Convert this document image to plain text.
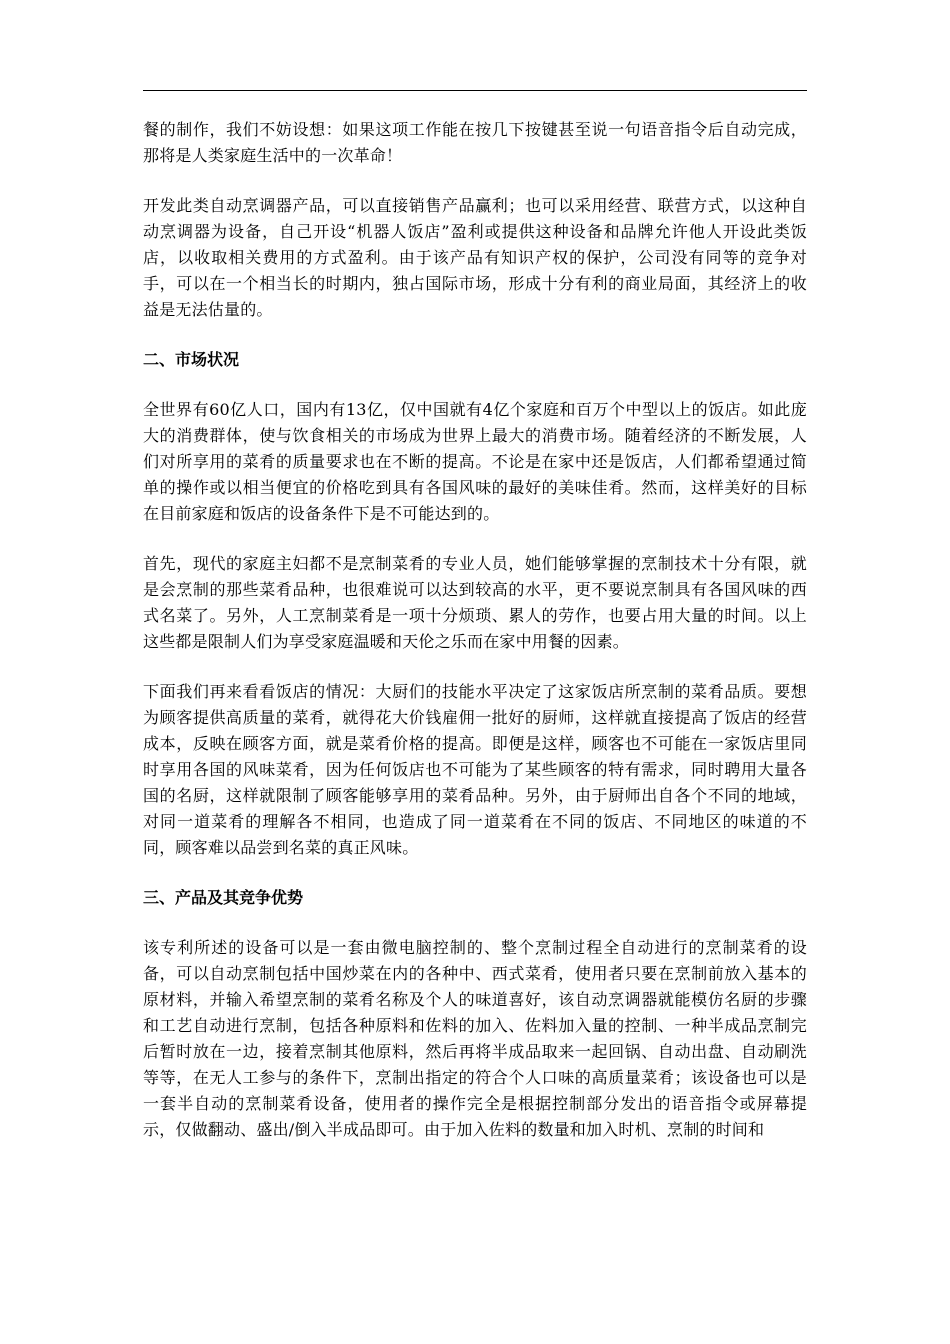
餐的制作，我们不妨设想：如果这项工作能在按几下按键甚至说一句语音指令后自动完成，那将是人类家庭生活中的一次革命！

开发此类自动烹调器产品，可以直接销售产品赢利；也可以采用经营、联营方式，以这种自动烹调器为设备，自己开设“机器人饭店”盈利或提供这种设备和品牌允许他人开设此类饭店，以收取相关费用的方式盈利。由于该产品有知识产权的保护，公司没有同等的竞争对手，可以在一个相当长的时期内，独占国际市场，形成十分有利的商业局面，其经济上的收益是无法估量的。

二、市场状况

全世界有60亿人口，国内有13亿，仅中国就有4亿个家庭和百万个中型以上的饭店。如此庞大的消费群体，使与饮食相关的市场成为世界上最大的消费市场。随着经济的不断发展，人们对所享用的菜肴的质量要求也在不断的提高。不论是在家中还是饭店，人们都希望通过简单的操作或以相当便宜的价格吃到具有各国风味的最好的美味佳肴。然而，这样美好的目标在目前家庭和饭店的设备条件下是不可能达到的。

首先，现代的家庭主妇都不是烹制菜肴的专业人员，她们能够掌握的烹制技术十分有限，就是会烹制的那些菜肴品种，也很难说可以达到较高的水平，更不要说烹制具有各国风味的西式名菜了。另外，人工烹制菜肴是一项十分烦琐、累人的劳作，也要占用大量的时间。以上这些都是限制人们为享受家庭温暖和天伦之乐而在家中用餐的因素。

下面我们再来看看饭店的情况：大厨们的技能水平决定了这家饭店所烹制的菜肴品质。要想为顾客提供高质量的菜肴，就得花大价钱雇佣一批好的厨师，这样就直接提高了饭店的经营成本，反映在顾客方面，就是菜肴价格的提高。即便是这样，顾客也不可能在一家饭店里同时享用各国的风味菜肴，因为任何饭店也不可能为了某些顾客的特有需求，同时聘用大量各国的名厨，这样就限制了顾客能够享用的菜肴品种。另外，由于厨师出自各个不同的地域，对同一道菜肴的理解各不相同，也造成了同一道菜肴在不同的饭店、不同地区的味道的不同，顾客难以品尝到名菜的真正风味。

三、产品及其竞争优势

该专利所述的设备可以是一套由微电脑控制的、整个烹制过程全自动进行的烹制菜肴的设备，可以自动烹制包括中国炒菜在内的各种中、西式菜肴，使用者只要在烹制前放入基本的原材料，并输入希望烹制的菜肴名称及个人的味道喜好，该自动烹调器就能模仿名厨的步骤和工艺自动进行烹制，包括各种原料和佐料的加入、佐料加入量的控制、一种半成品烹制完后暂时放在一边，接着烹制其他原料，然后再将半成品取来一起回锅、自动出盘、自动刷洗等等，在无人工参与的条件下，烹制出指定的符合个人口味的高质量菜肴；该设备也可以是一套半自动的烹制菜肴设备，使用者的操作完全是根据控制部分发出的语音指令或屏幕提示，仅做翻动、盛出/倒入半成品即可。由于加入佐料的数量和加入时机、烹制的时间和
